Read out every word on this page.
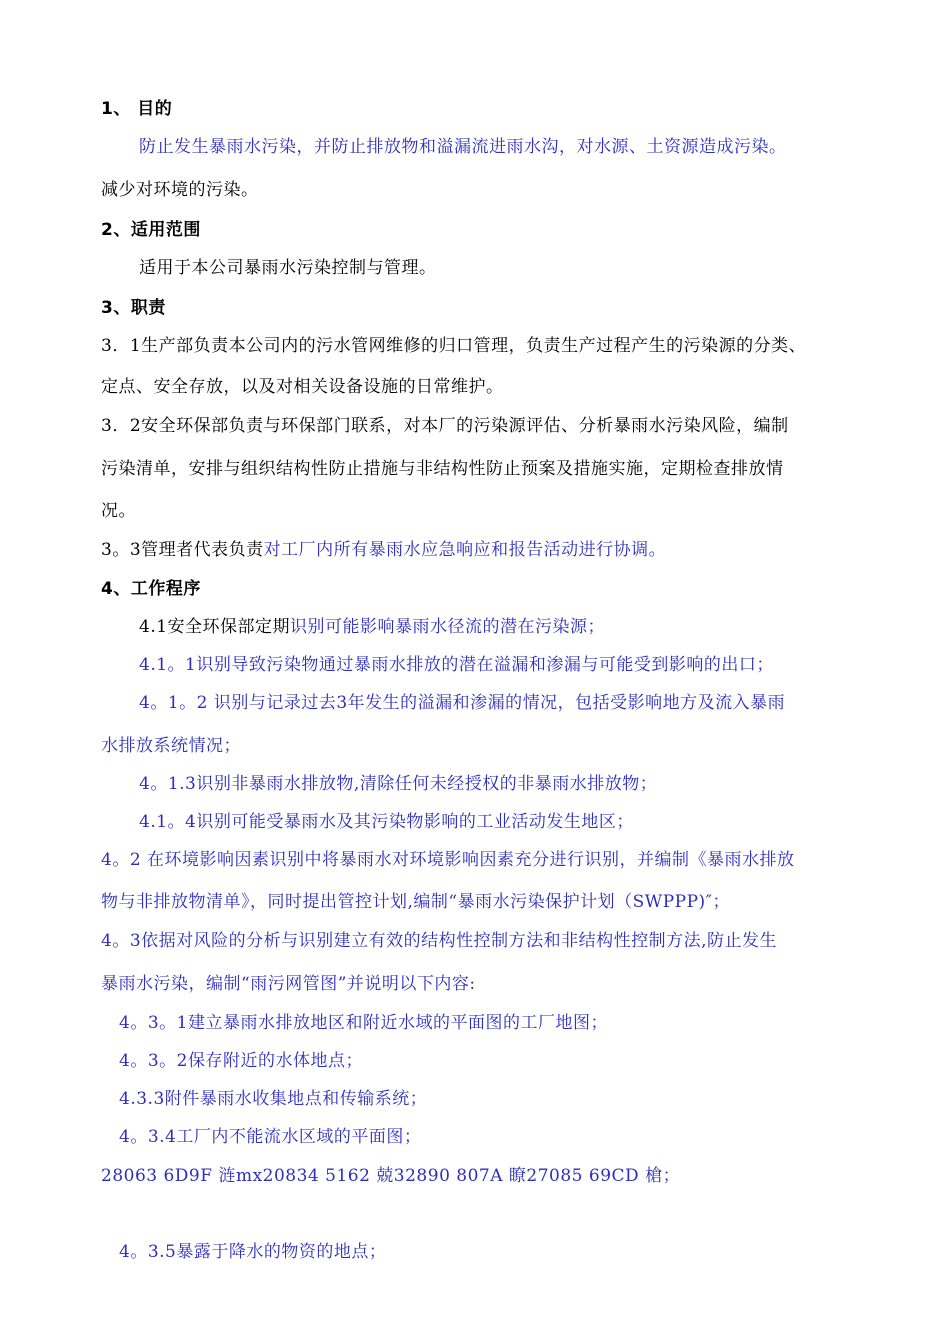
1、 目的
防止发生暴雨水污染，并防止排放物和溢漏流进雨水沟，对水源、土资源造成污染。
减少对环境的污染。
2、适用范围
适用于本公司暴雨水污染控制与管理。
3、职责
3．1生产部负责本公司内的污水管网维修的归口管理，负责生产过程产生的污染源的分类、
定点、安全存放，以及对相关设备设施的日常维护。
3．2安全环保部负责与环保部门联系，对本厂的污染源评估、分析暴雨水污染风险，编制
污染清单，安排与组织结构性防止措施与非结构性防止预案及措施实施，定期检查排放情
况。
3。3管理者代表负责对工厂内所有暴雨水应急响应和报告活动进行协调。
4、工作程序
4.1安全环保部定期识别可能影响暴雨水径流的潜在污染源；
4.1。1识别导致污染物通过暴雨水排放的潜在溢漏和渗漏与可能受到影响的出口；
4。1。2 识别与记录过去3年发生的溢漏和渗漏的情况，包括受影响地方及流入暴雨
水排放系统情况；
4。1.3识别非暴雨水排放物,清除任何未经授权的非暴雨水排放物；
4.1。4识别可能受暴雨水及其污染物影响的工业活动发生地区；
4。2 在环境影响因素识别中将暴雨水对环境影响因素充分进行识别，并编制《暴雨水排放
物与非排放物清单》，同时提出管控计划,编制“暴雨水污染保护计划（SWPPP)″；
4。3依据对风险的分析与识别建立有效的结构性控制方法和非结构性控制方法,防止发生
暴雨水污染，编制“雨污网管图”并说明以下内容:
4。3。1建立暴雨水排放地区和附近水域的平面图的工厂地图；
4。3。2保存附近的水体地点；
4.3.3附件暴雨水收集地点和传输系统；
4。3.4工厂内不能流水区域的平面图；
28063 6D9F 涟mx20834 5162 兢32890 807A 瞭27085 69CD 槍；
4。3.5暴露于降水的物资的地点；
